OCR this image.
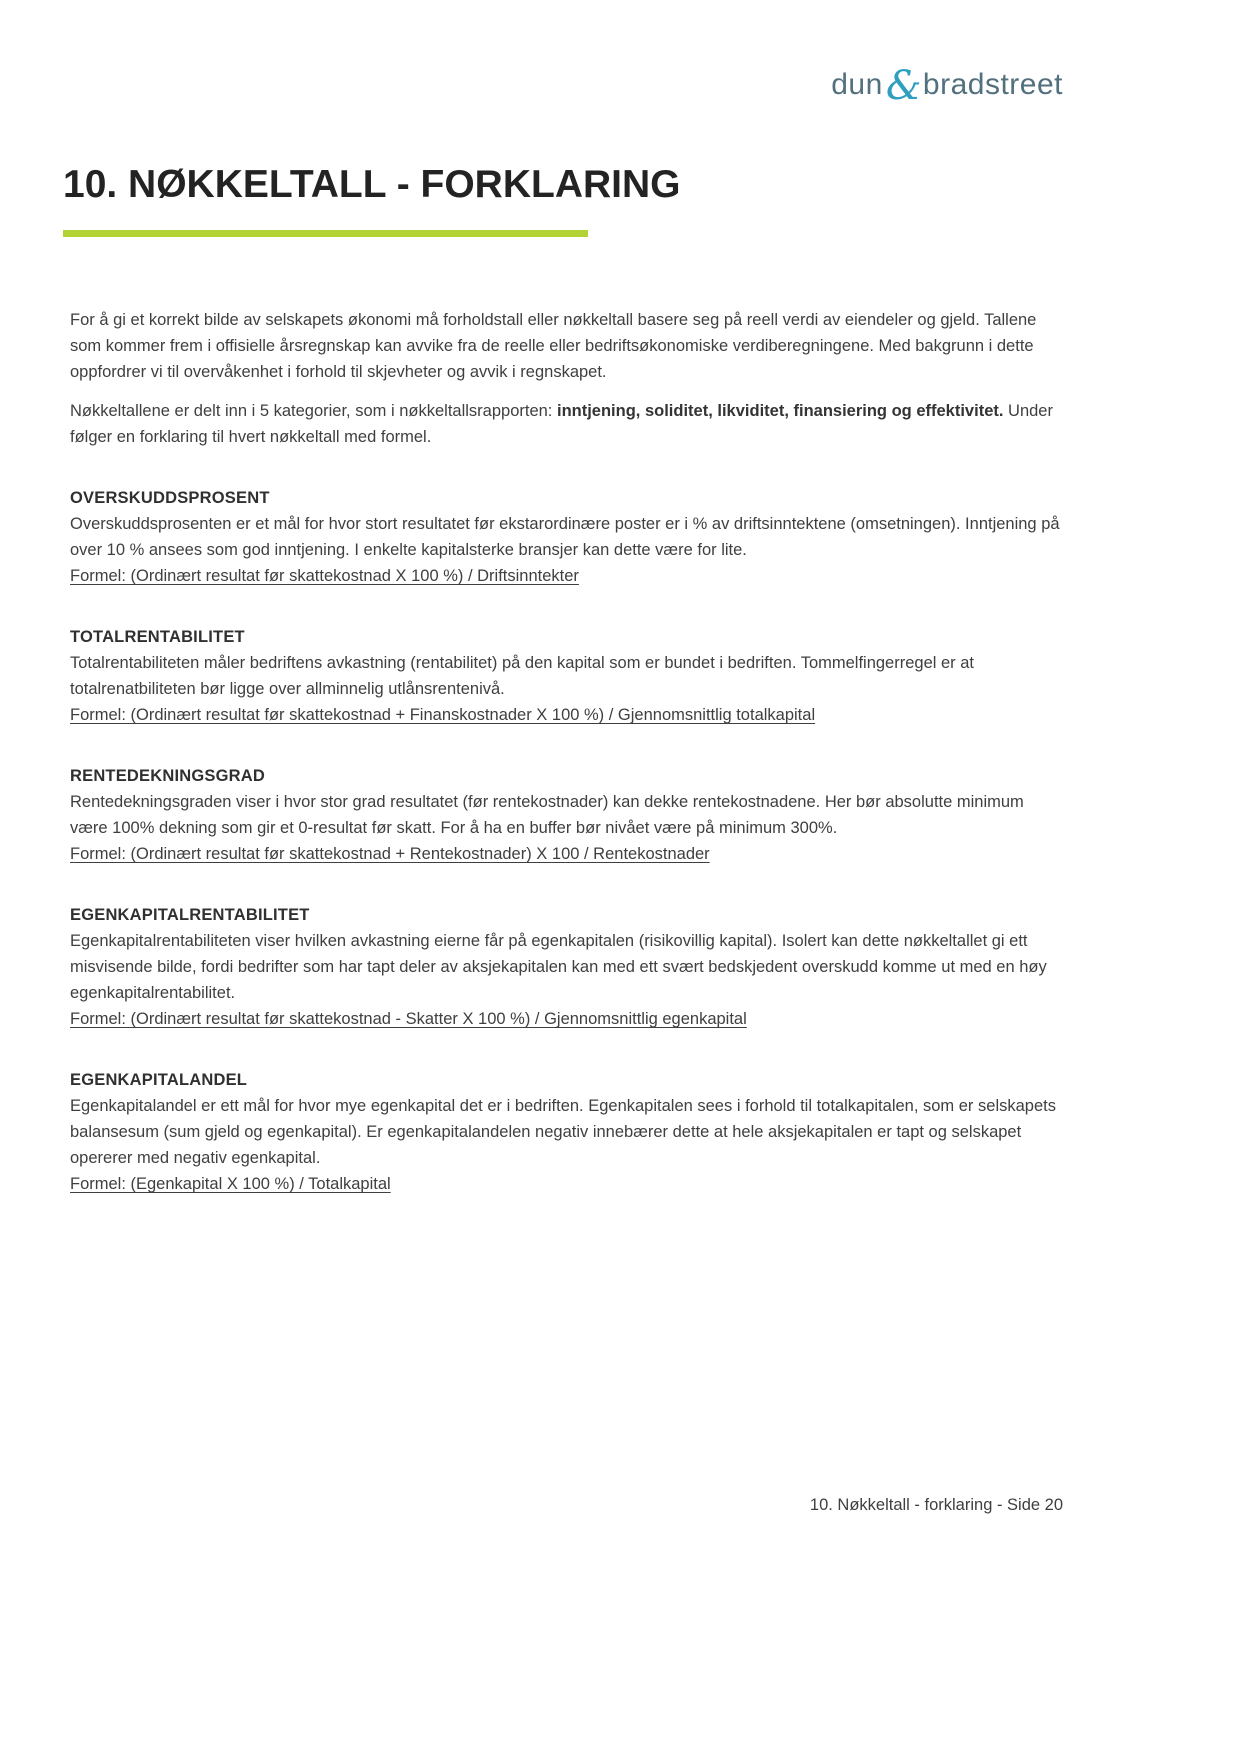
dun&bradstreet
10. NØKKELTALL - FORKLARING

For å gi et korrekt bilde av selskapets økonomi må forholdstall eller nøkkeltall basere seg på reell verdi av eiendeler og gjeld. Tallene som kommer frem i offisielle årsregnskap kan avvike fra de reelle eller bedriftsøkonomiske verdiberegningene. Med bakgrunn i dette oppfordrer vi til overvåkenhet i forhold til skjevheter og avvik i regnskapet.

Nøkkeltallene er delt inn i 5 kategorier, som i nøkkeltallsrapporten: inntjening, soliditet, likviditet, finansiering og effektivitet. Under følger en forklaring til hvert nøkkeltall med formel.

OVERSKUDDSPROSENT

Overskuddsprosenten er et mål for hvor stort resultatet før ekstarordinære poster er i % av driftsinntektene (omsetningen). Inntjening på over 10 % ansees som god inntjening. I enkelte kapitalsterke bransjer kan dette være for lite.

Formel: (Ordinært resultat før skattekostnad X 100 %) / Driftsinntekter

TOTALRENTABILITET

Totalrentabiliteten måler bedriftens avkastning (rentabilitet) på den kapital som er bundet i bedriften. Tommelfingerregel er at totalrenatbiliteten bør ligge over allminnelig utlånsrentenivå.

Formel: (Ordinært resultat før skattekostnad + Finanskostnader X 100 %) / Gjennomsnittlig totalkapital

RENTEDEKNINGSGRAD

Rentedekningsgraden viser i hvor stor grad resultatet (før rentekostnader) kan dekke rentekostnadene. Her bør absolutte minimum være 100% dekning som gir et 0-resultat før skatt. For å ha en buffer bør nivået være på minimum 300%.

Formel: (Ordinært resultat før skattekostnad + Rentekostnader) X 100 / Rentekostnader

EGENKAPITALRENTABILITET

Egenkapitalrentabiliteten viser hvilken avkastning eierne får på egenkapitalen (risikovillig kapital). Isolert kan dette nøkkeltallet gi ett misvisende bilde, fordi bedrifter som har tapt deler av aksjekapitalen kan med ett svært bedskjedent overskudd komme ut med en høy egenkapitalrentabilitet.

Formel: (Ordinært resultat før skattekostnad - Skatter X 100 %) / Gjennomsnittlig egenkapital

EGENKAPITALANDEL

Egenkapitalandel er ett mål for hvor mye egenkapital det er i bedriften. Egenkapitalen sees i forhold til totalkapitalen, som er selskapets balansesum (sum gjeld og egenkapital). Er egenkapitalandelen negativ innebærer dette at hele aksjekapitalen er tapt og selskapet opererer med negativ egenkapital.

Formel: (Egenkapital X 100 %) / Totalkapital

10. Nøkkeltall - forklaring - Side 20
